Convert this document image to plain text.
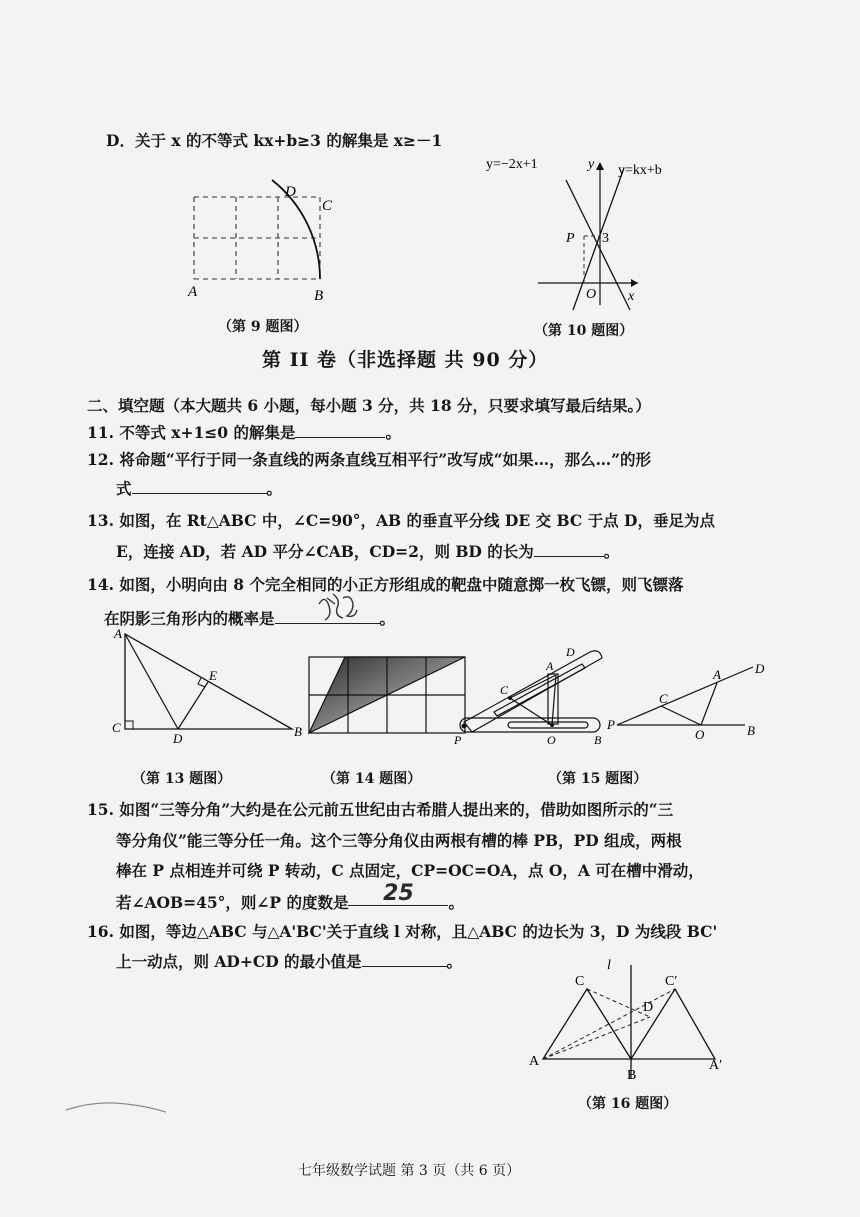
D．关于 x 的不等式 kx+b≥3 的解集是 x≥－1
A	B
C
D
（第 9 题图）
y=−2x+1	y=kx+b
y
x
O
P 3
（第 10 题图）
第 II 卷（非选择题 共 90 分）
二、填空题（本大题共 6 小题，每小题 3 分，共 18 分，只要求填写最后结果。）
11. 不等式 x+1≤0 的解集是	。
12. 将命题“平行于同一条直线的两条直线互相平行”改写成“如果…，那么…”的形
式	。
13. 如图，在 Rt△ABC 中，∠C=90°，AB 的垂直平分线 DE 交 BC 于点 D，垂足为点
E，连接 AD，若 AD 平分∠CAB，CD=2，则 BD 的长为	。
14. 如图，小明向由 8 个完全相同的小正方形组成的靶盘中随意掷一枚飞镖，则飞镖落
在阴影三角形内的概率是	。
A
B
C
D
E
（第 13 题图）	（第 14 题图）
P
C
A
D
O	B
P	B
D
A
C
O
（第 15 题图）
15. 如图“三等分角”大约是在公元前五世纪由古希腊人提出来的，借助如图所示的“三
等分角仪”能三等分任一角。这个三等分角仪由两根有槽的棒 PB，PD 组成，两根
棒在 P 点相连并可绕 P 转动，C 点固定，CP=OC=OA，点 O，A 可在槽中滑动，
若∠AOB=45°，则∠P 的度数是 25 。
16. 如图，等边△ABC 与△A'BC'关于直线 l 对称，且△ABC 的边长为 3，D 为线段 BC'
上一动点，则 AD+CD 的最小值是	。	l
C	C′
D
A	A′
B
（第 16 题图）
七年级数学试题 第 3 页（共 6 页）
